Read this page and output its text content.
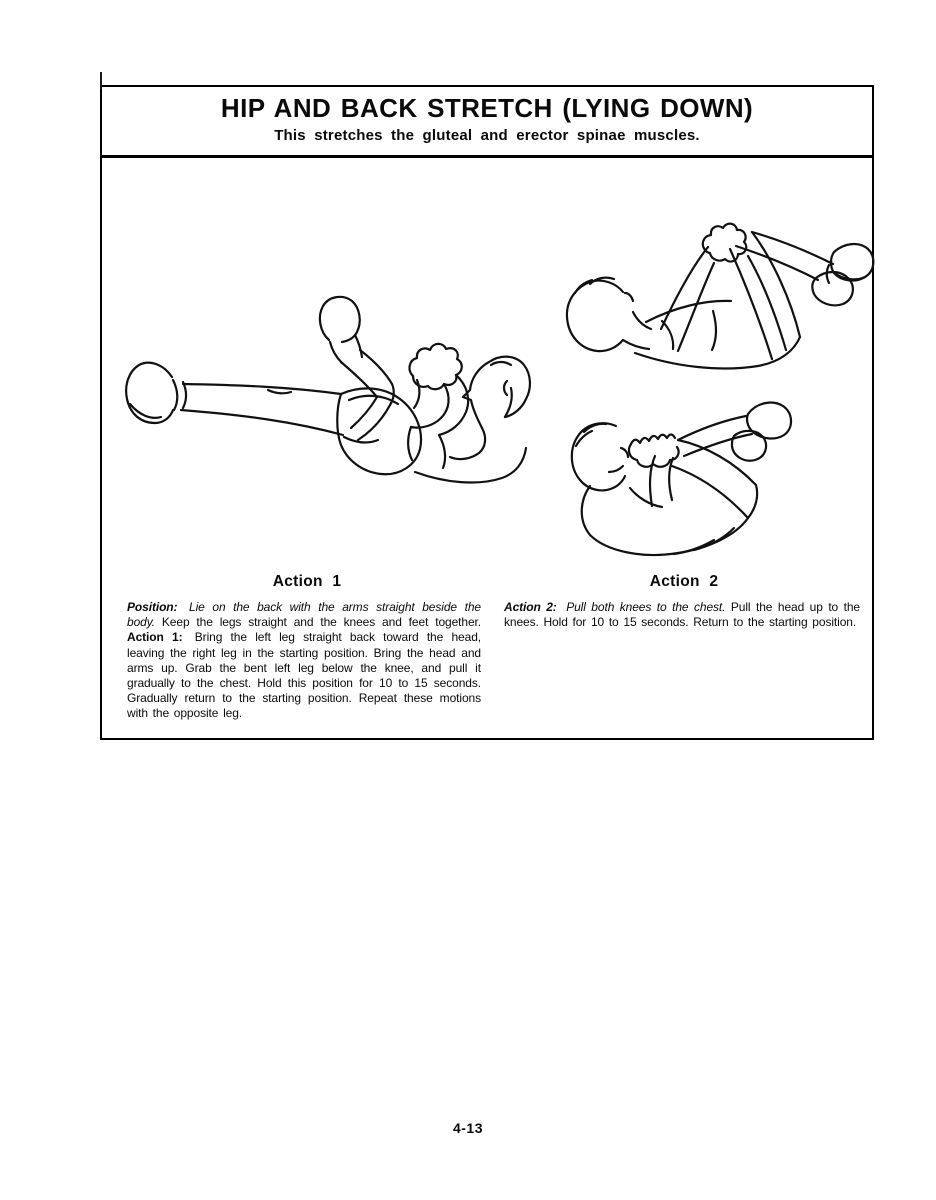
HIP AND BACK STRETCH (LYING DOWN)
This stretches the gluteal and erector spinae muscles.
Action 1	Action 2

Position: Lie on the back with the arms straight beside the body. Keep the legs straight and the knees and feet together.

Action 1: Bring the left leg straight back toward the head, leaving the right leg in the starting position. Bring the head and arms up. Grab the bent left leg below the knee, and pull it gradually to the chest. Hold this position for 10 to 15 seconds. Gradually return to the starting position. Repeat these motions with the opposite leg.

Action 2: Pull both knees to the chest. Pull the head up to the knees. Hold for 10 to 15 seconds. Return to the starting position.

4-13
